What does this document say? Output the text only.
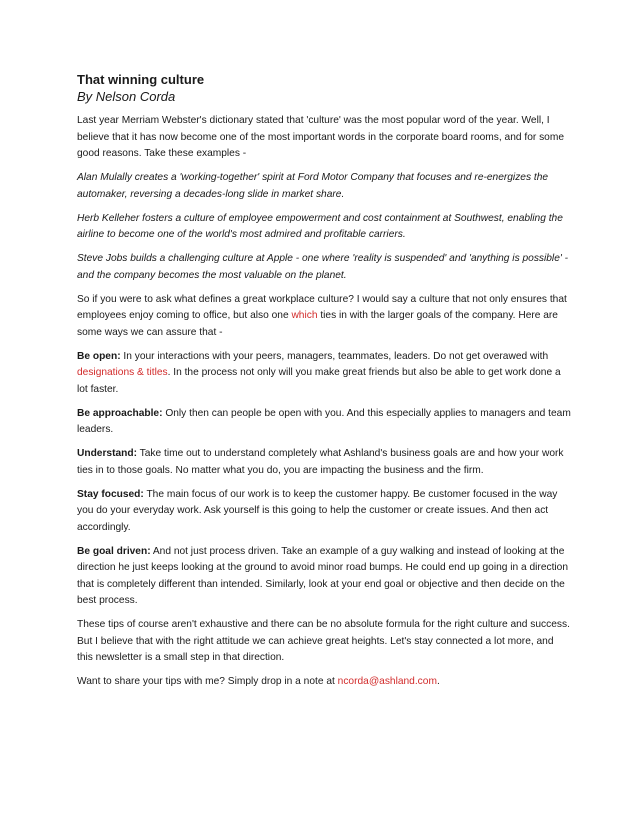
That winning culture
By Nelson Corda

Last year Merriam Webster's dictionary stated that 'culture' was the most popular word of the year. Well, I believe that it has now become one of the most important words in the corporate board rooms, and for some good reasons. Take these examples -

Alan Mulally creates a 'working-together' spirit at Ford Motor Company that focuses and re-energizes the automaker, reversing a decades-long slide in market share.

Herb Kelleher fosters a culture of employee empowerment and cost containment at Southwest, enabling the airline to become one of the world's most admired and profitable carriers.

Steve Jobs builds a challenging culture at Apple - one where 'reality is suspended' and 'anything is possible' - and the company becomes the most valuable on the planet.

So if you were to ask what defines a great workplace culture? I would say a culture that not only ensures that employees enjoy coming to office, but also one which ties in with the larger goals of the company. Here are some ways we can assure that -

Be open: In your interactions with your peers, managers, teammates, leaders. Do not get overawed with designations & titles. In the process not only will you make great friends but also be able to get work done a lot faster.

Be approachable: Only then can people be open with you. And this especially applies to managers and team leaders.

Understand: Take time out to understand completely what Ashland's business goals are and how your work ties in to those goals. No matter what you do, you are impacting the business and the firm.

Stay focused: The main focus of our work is to keep the customer happy. Be customer focused in the way you do your everyday work. Ask yourself is this going to help the customer or create issues. And then act accordingly.

Be goal driven: And not just process driven. Take an example of a guy walking and instead of looking at the direction he just keeps looking at the ground to avoid minor road bumps. He could end up going in a direction that is completely different than intended. Similarly, look at your end goal or objective and then decide on the best process.

These tips of course aren't exhaustive and there can be no absolute formula for the right culture and success. But I believe that with the right attitude we can achieve great heights. Let's stay connected a lot more, and this newsletter is a small step in that direction.

Want to share your tips with me? Simply drop in a note at ncorda@ashland.com.
